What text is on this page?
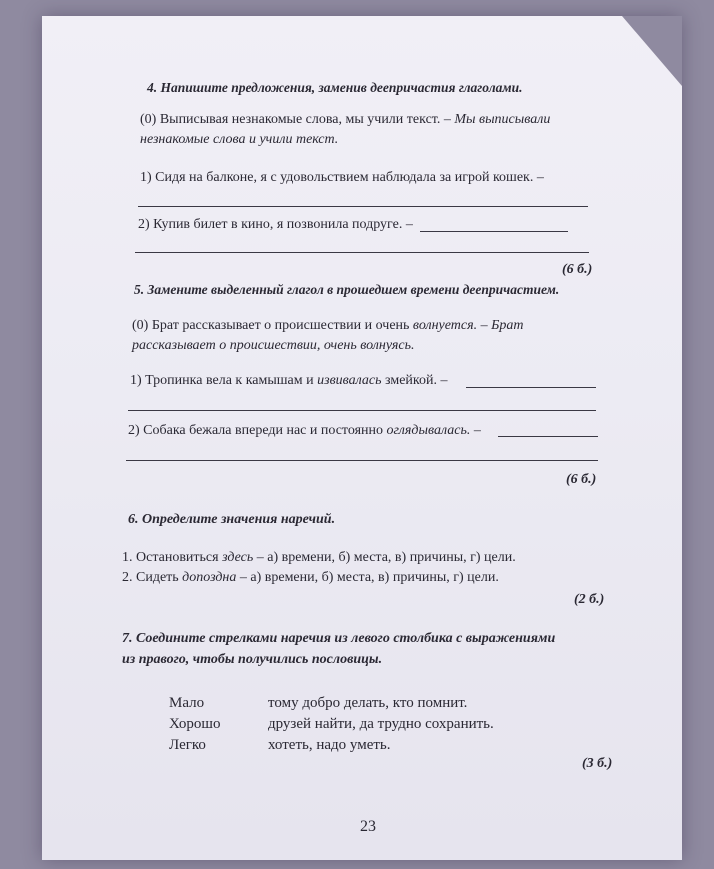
4. Напишите предложения, заменив деепричастия глаголами.
(0) Выписывая незнакомые слова, мы учили текст. – Мы выписывали
незнакомые слова и учили текст.
1) Сидя на балконе, я с удовольствием наблюдала за игрой кошек. –
2) Купив билет в кино, я позвонила подруге. –
(6 б.)
5. Замените выделенный глагол в прошедшем времени деепричастием.
(0) Брат рассказывает о происшествии и очень волнуется. – Брат
рассказывает о происшествии, очень волнуясь.
1) Тропинка вела к камышам и извивалась змейкой. –
2) Собака бежала впереди нас и постоянно оглядывалась. –
(6 б.)
6. Определите значения наречий.
1. Остановиться здесь – а) времени, б) места, в) причины, г) цели.
2. Сидеть допоздна – а) времени, б) места, в) причины, г) цели.
(2 б.)
7. Соедините стрелками наречия из левого столбика с выражениями
из правого, чтобы получились пословицы.
Мало
Хорошо
Легко
тому добро делать, кто помнит.
друзей найти, да трудно сохранить.
хотеть, надо уметь.
(3 б.)
23
